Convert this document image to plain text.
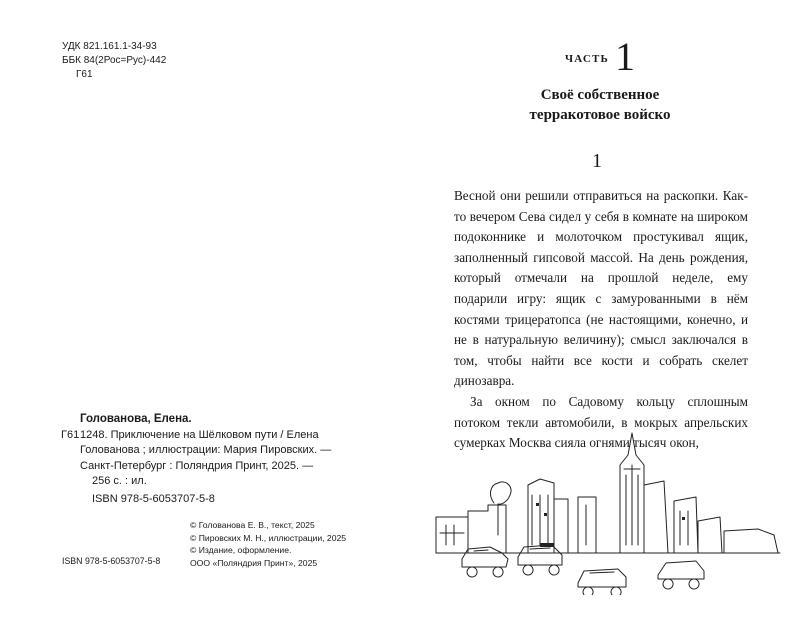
УДК 821.161.1-34-93
ББК 84(2Рос=Рус)-442
Г61
Голованова, Елена.
Г61 1248. Приключение на Шёлковом пути / Елена
Голованова ; иллюстрации: Мария Пировских. —
Санкт-Петербург : Поляндрия Принт, 2025. —
256 с. : ил.
ISBN 978-5-6053707-5-8
© Голованова Е. В., текст, 2025
© Пировских М. Н., иллюстрации, 2025
© Издание, оформление.
ООО «Поляндрия Принт», 2025
ISBN 978-5-6053707-5-8
ЧАСТЬ 1
Своё собственное
терракотовое войско
1

Весной они решили отправиться на раскопки. Как-то вечером Сева сидел у себя в комнате на широком подоконнике и молоточком простукивал ящик, заполненный гипсовой массой. На день рождения, который отмечали на прошлой неделе, ему подарили игру: ящик с замурованными в нём костями трицератопса (не настоящими, конечно, и не в натуральную величину); смысл заключался в том, чтобы найти все кости и собрать скелет динозавра.

За окном по Садовому кольцу сплошным потоком текли автомобили, в мокрых апрельских сумерках Москва сияла огнями тысяч окон,
